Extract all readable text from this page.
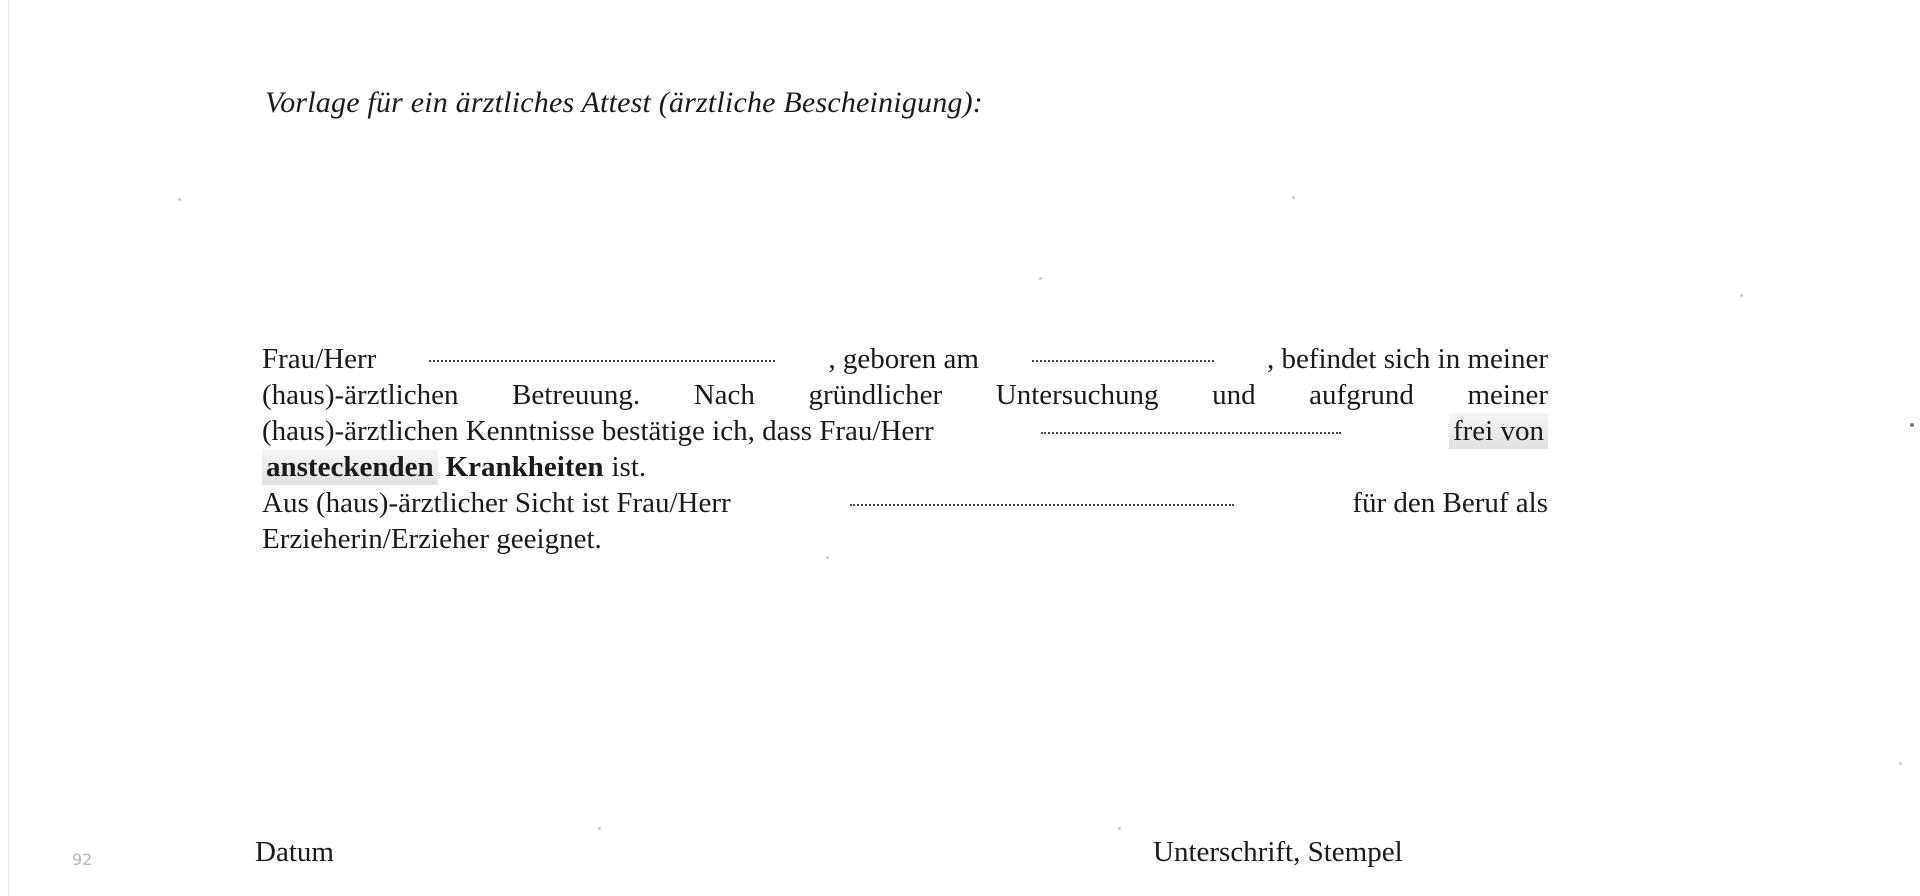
Vorlage für ein ärztliches Attest (ärztliche Bescheinigung):
Frau/Herr	, geboren am	, befindet sich in meiner
(haus)-ärztlichen Betreuung. Nach gründlicher Untersuchung und aufgrund meiner
(haus)-ärztlichen Kenntnisse bestätige ich, dass Frau/Herr	frei von
ansteckenden Krankheiten ist.
Aus (haus)-ärztlicher Sicht ist Frau/Herr	für den Beruf als
Erzieherin/Erzieher geeignet.
Datum	Unterschrift, Stempel
92
